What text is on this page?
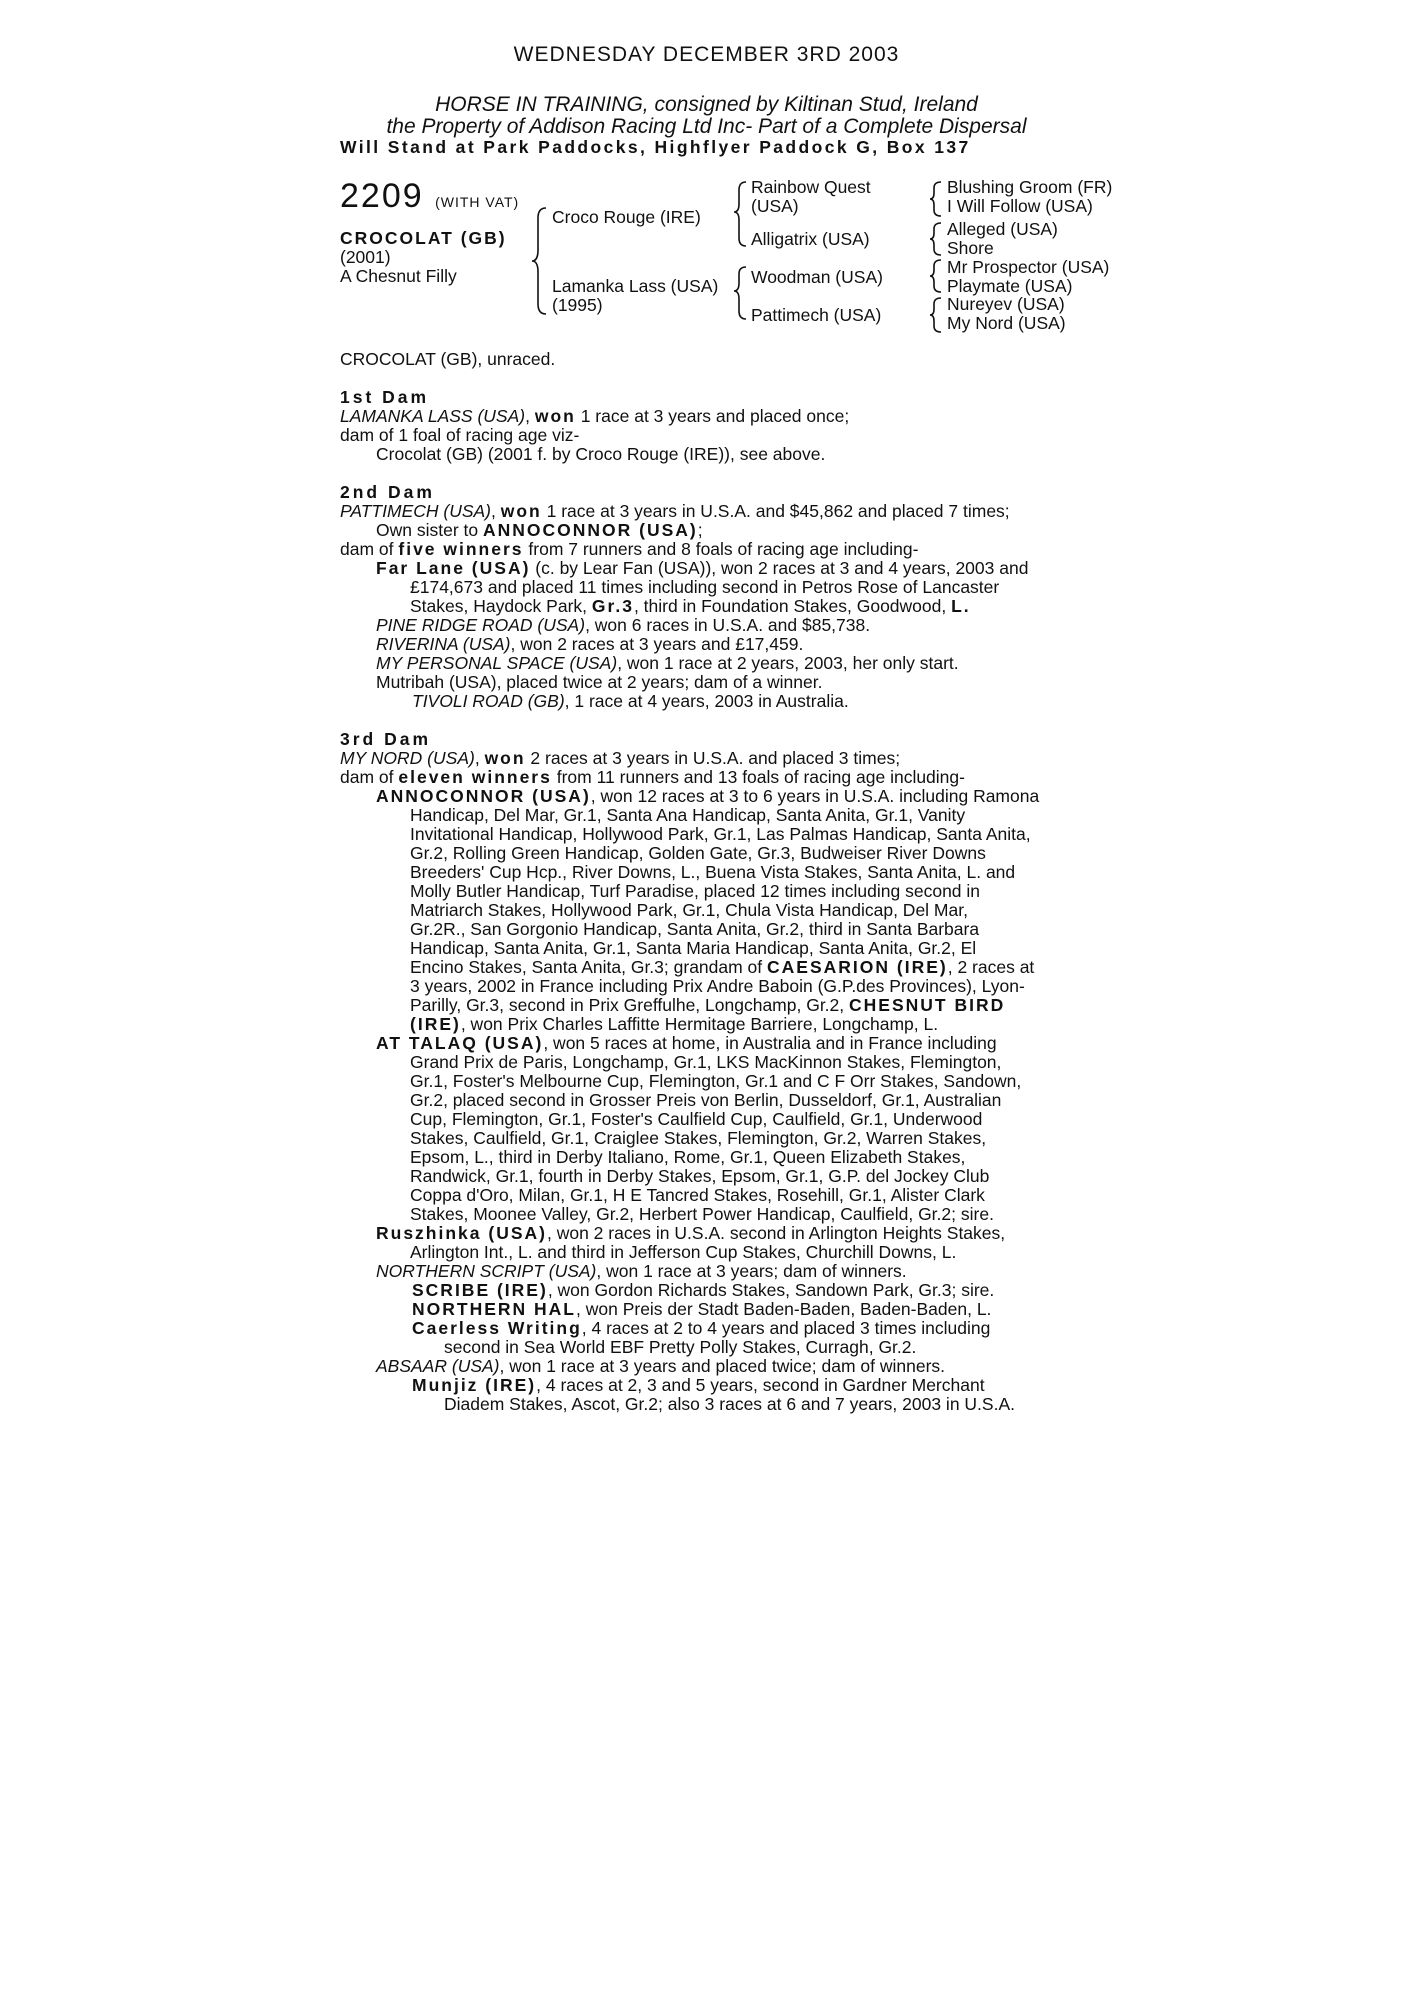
WEDNESDAY DECEMBER 3RD 2003
HORSE IN TRAINING, consigned by Kiltinan Stud, Ireland
the Property of Addison Racing Ltd Inc- Part of a Complete Dispersal
Will Stand at Park Paddocks, Highflyer Paddock G, Box 137
2209 (WITH VAT)
CROCOLAT (GB)
(2001)
A Chesnut Filly
Croco Rouge (IRE)
Lamanka Lass (USA)
(1995)
Rainbow Quest
(USA)
Alligatrix (USA)
Woodman (USA)
Pattimech (USA)
Blushing Groom (FR)
I Will Follow (USA)
Alleged (USA)
Shore
Mr Prospector (USA)
Playmate (USA)
Nureyev (USA)
My Nord (USA)
CROCOLAT (GB), unraced.
1st Dam
LAMANKA LASS (USA), won 1 race at 3 years and placed once;
dam of 1 foal of racing age viz-
Crocolat (GB) (2001 f. by Croco Rouge (IRE)), see above.
2nd Dam
PATTIMECH (USA), won 1 race at 3 years in U.S.A. and $45,862 and placed 7 times;
Own sister to ANNOCONNOR (USA);
dam of five winners from 7 runners and 8 foals of racing age including-
Far Lane (USA) (c. by Lear Fan (USA)), won 2 races at 3 and 4 years, 2003 and
£174,673 and placed 11 times including second in Petros Rose of Lancaster
Stakes, Haydock Park, Gr.3, third in Foundation Stakes, Goodwood, L.
PINE RIDGE ROAD (USA), won 6 races in U.S.A. and $85,738.
RIVERINA (USA), won 2 races at 3 years and £17,459.
MY PERSONAL SPACE (USA), won 1 race at 2 years, 2003, her only start.
Mutribah (USA), placed twice at 2 years; dam of a winner.
TIVOLI ROAD (GB), 1 race at 4 years, 2003 in Australia.
3rd Dam
MY NORD (USA), won 2 races at 3 years in U.S.A. and placed 3 times;
dam of eleven winners from 11 runners and 13 foals of racing age including-
ANNOCONNOR (USA), won 12 races at 3 to 6 years in U.S.A. including Ramona
Handicap, Del Mar, Gr.1, Santa Ana Handicap, Santa Anita, Gr.1, Vanity
Invitational Handicap, Hollywood Park, Gr.1, Las Palmas Handicap, Santa Anita,
Gr.2, Rolling Green Handicap, Golden Gate, Gr.3, Budweiser River Downs
Breeders' Cup Hcp., River Downs, L., Buena Vista Stakes, Santa Anita, L. and
Molly Butler Handicap, Turf Paradise, placed 12 times including second in
Matriarch Stakes, Hollywood Park, Gr.1, Chula Vista Handicap, Del Mar,
Gr.2R., San Gorgonio Handicap, Santa Anita, Gr.2, third in Santa Barbara
Handicap, Santa Anita, Gr.1, Santa Maria Handicap, Santa Anita, Gr.2, El
Encino Stakes, Santa Anita, Gr.3; grandam of CAESARION (IRE), 2 races at
3 years, 2002 in France including Prix Andre Baboin (G.P.des Provinces), Lyon-
Parilly, Gr.3, second in Prix Greffulhe, Longchamp, Gr.2, CHESNUT BIRD
(IRE), won Prix Charles Laffitte Hermitage Barriere, Longchamp, L.
AT TALAQ (USA), won 5 races at home, in Australia and in France including
Grand Prix de Paris, Longchamp, Gr.1, LKS MacKinnon Stakes, Flemington,
Gr.1, Foster's Melbourne Cup, Flemington, Gr.1 and C F Orr Stakes, Sandown,
Gr.2, placed second in Grosser Preis von Berlin, Dusseldorf, Gr.1, Australian
Cup, Flemington, Gr.1, Foster's Caulfield Cup, Caulfield, Gr.1, Underwood
Stakes, Caulfield, Gr.1, Craiglee Stakes, Flemington, Gr.2, Warren Stakes,
Epsom, L., third in Derby Italiano, Rome, Gr.1, Queen Elizabeth Stakes,
Randwick, Gr.1, fourth in Derby Stakes, Epsom, Gr.1, G.P. del Jockey Club
Coppa d'Oro, Milan, Gr.1, H E Tancred Stakes, Rosehill, Gr.1, Alister Clark
Stakes, Moonee Valley, Gr.2, Herbert Power Handicap, Caulfield, Gr.2; sire.
Ruszhinka (USA), won 2 races in U.S.A. second in Arlington Heights Stakes,
Arlington Int., L. and third in Jefferson Cup Stakes, Churchill Downs, L.
NORTHERN SCRIPT (USA), won 1 race at 3 years; dam of winners.
SCRIBE (IRE), won Gordon Richards Stakes, Sandown Park, Gr.3; sire.
NORTHERN HAL, won Preis der Stadt Baden-Baden, Baden-Baden, L.
Caerless Writing, 4 races at 2 to 4 years and placed 3 times including
second in Sea World EBF Pretty Polly Stakes, Curragh, Gr.2.
ABSAAR (USA), won 1 race at 3 years and placed twice; dam of winners.
Munjiz (IRE), 4 races at 2, 3 and 5 years, second in Gardner Merchant
Diadem Stakes, Ascot, Gr.2; also 3 races at 6 and 7 years, 2003 in U.S.A.
